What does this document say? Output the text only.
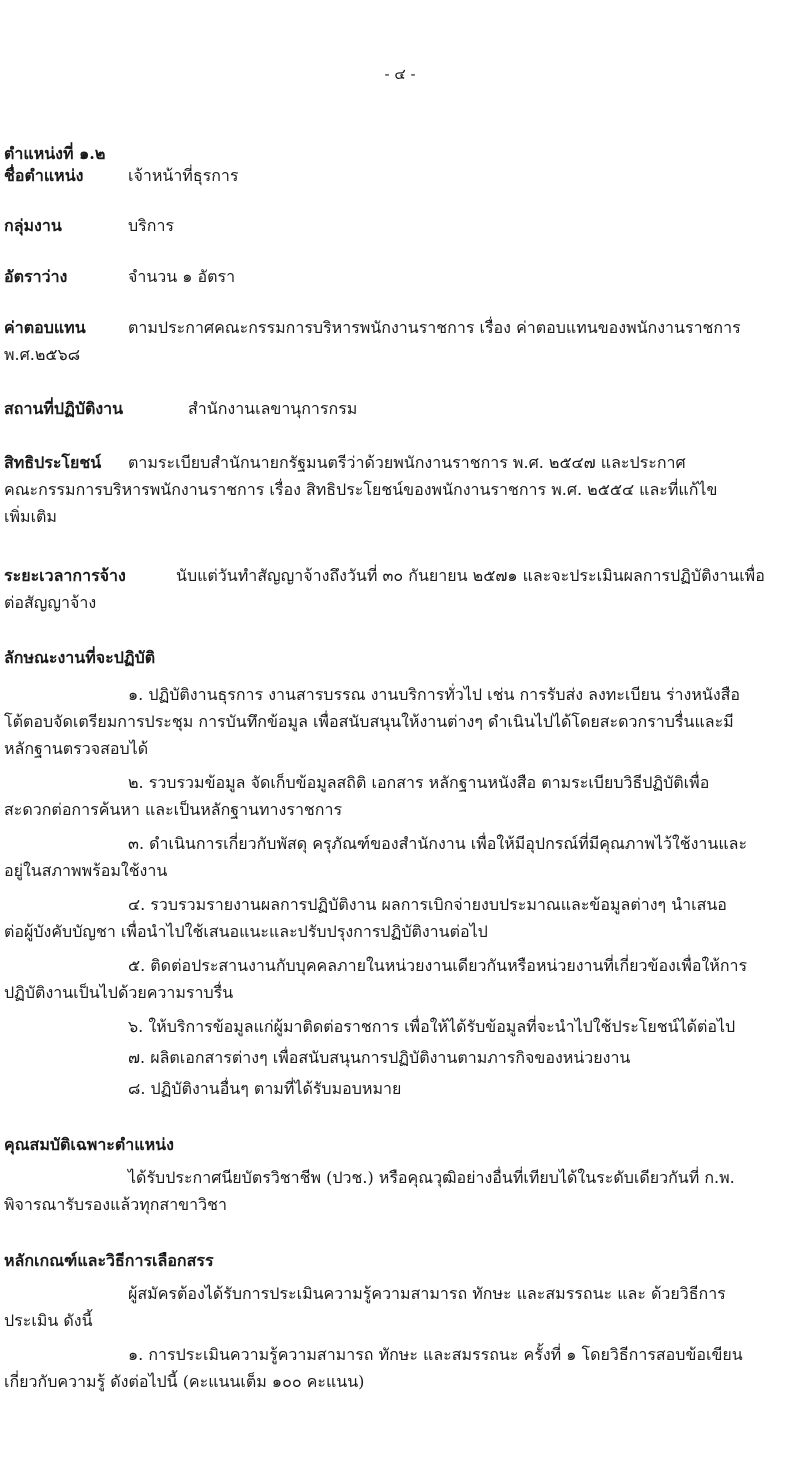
- ๔ -
ตำแหน่งที่ ๑.๒
ชื่อตำแหน่ง	เจ้าหน้าที่ธุรการ
กลุ่มงาน	บริการ
อัตราว่าง	จำนวน ๑ อัตรา
ค่าตอบแทน	ตามประกาศคณะกรรมการบริหารพนักงานราชการ เรื่อง ค่าตอบแทนของพนักงานราชการ
พ.ศ.๒๕๖๘
สถานที่ปฏิบัติงาน	สำนักงานเลขานุการกรม
สิทธิประโยชน์ ตามระเบียบสำนักนายกรัฐมนตรีว่าด้วยพนักงานราชการ พ.ศ. ๒๕๔๗ และประกาศ
คณะกรรมการบริหารพนักงานราชการ เรื่อง สิทธิประโยชน์ของพนักงานราชการ พ.ศ. ๒๕๕๔ และที่แก้ไข
เพิ่มเติม
ระยะเวลาการจ้าง	นับแต่วันทำสัญญาจ้างถึงวันที่ ๓๐ กันยายน ๒๕๗๑ และจะประเมินผลการปฏิบัติงานเพื่อ
ต่อสัญญาจ้าง
ลักษณะงานที่จะปฏิบัติ
๑. ปฏิบัติงานธุรการ งานสารบรรณ งานบริการทั่วไป เช่น การรับส่ง ลงทะเบียน ร่างหนังสือ
โต้ตอบจัดเตรียมการประชุม การบันทึกข้อมูล เพื่อสนับสนุนให้งานต่างๆ ดำเนินไปได้โดยสะดวกราบรื่นและมี
หลักฐานตรวจสอบได้
๒. รวบรวมข้อมูล จัดเก็บข้อมูลสถิติ เอกสาร หลักฐานหนังสือ ตามระเบียบวิธีปฏิบัติเพื่อ
สะดวกต่อการค้นหา และเป็นหลักฐานทางราชการ
๓. ดำเนินการเกี่ยวกับพัสดุ ครุภัณฑ์ของสำนักงาน เพื่อให้มีอุปกรณ์ที่มีคุณภาพไว้ใช้งานและ
อยู่ในสภาพพร้อมใช้งาน
๔. รวบรวมรายงานผลการปฏิบัติงาน ผลการเบิกจ่ายงบประมาณและข้อมูลต่างๆ นำเสนอ
ต่อผู้บังคับบัญชา เพื่อนำไปใช้เสนอแนะและปรับปรุงการปฏิบัติงานต่อไป
๕. ติดต่อประสานงานกับบุคคลภายในหน่วยงานเดียวกันหรือหน่วยงานที่เกี่ยวข้องเพื่อให้การ
ปฏิบัติงานเป็นไปด้วยความราบรื่น
๖. ให้บริการข้อมูลแก่ผู้มาติดต่อราชการ เพื่อให้ได้รับข้อมูลที่จะนำไปใช้ประโยชน์ได้ต่อไป
๗. ผลิตเอกสารต่างๆ เพื่อสนับสนุนการปฏิบัติงานตามภารกิจของหน่วยงาน
๘. ปฏิบัติงานอื่นๆ ตามที่ได้รับมอบหมาย
คุณสมบัติเฉพาะตำแหน่ง
ได้รับประกาศนียบัตรวิชาชีพ (ปวช.) หรือคุณวุฒิอย่างอื่นที่เทียบได้ในระดับเดียวกันที่ ก.พ.
พิจารณารับรองแล้วทุกสาขาวิชา
หลักเกณฑ์และวิธีการเลือกสรร
ผู้สมัครต้องได้รับการประเมินความรู้ความสามารถ ทักษะ และสมรรถนะ และ ด้วยวิธีการ
ประเมิน ดังนี้
๑. การประเมินความรู้ความสามารถ ทักษะ และสมรรถนะ ครั้งที่ ๑ โดยวิธีการสอบข้อเขียน
เกี่ยวกับความรู้ ดังต่อไปนี้ (คะแนนเต็ม ๑๐๐ คะแนน)
